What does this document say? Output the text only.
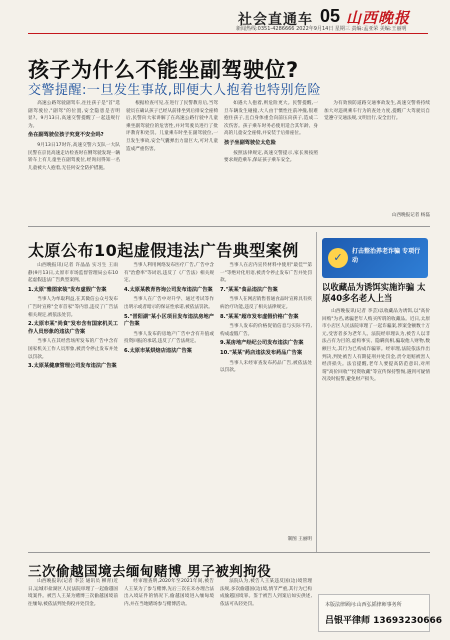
社会直通车 05 山西晚报
新闻热线:0351-4286666 2022年9月14日 星期三 责编:孟亚荣 美编:王丽明
孩子为什么不能坐副驾驶位?
交警提醒:一旦发生事故,即便大人抱着也特别危险

高速公路驾驶副驾车,往往孩子是"首"选副驾驶位,"副驾"的位置,安全隐患是否明显?。9月13日,高速交警提醒了一起违规行为。

坐在副驾驶位孩子究竟不安全吗?

9月13日17时许,高速交警六支队一大队民警在京昆高速走访检查时在侧驾驶发现一辆轿车上有儿童坐在副驾驶位,经询问得知一名儿童被大人抱着,无任何安全防护措施。

根据检查可见,在进行了民警教育后,当驾驶员在确认孩子已经从前排坐到后排安全座椅后,民警向大家讲解了在高速公路行驶中儿童乘坐副驾驶位的危害性,并对驾驶员进行了批评教育和处罚。儿童乘车时坐在副驾驶位,一旦发生事故,安全气囊弹出力量巨大,可对儿童造成严重伤害。

如遇大人抱着,则危险更大。民警提醒,一旦车辆发生碰撞,大人由于惯性往前冲撞,很难抱住孩子,且自身体重会向前压向孩子,造成二次伤害。孩子乘车时务必使用适合其年龄、身高的儿童安全座椅,并安装于后排座位。

孩子坐副驾驶位太危险

按照法律规定,高速交警提示,家长须按照要求规范乘车,保证孩子乘车安全。

为有效预防道路交通事故发生,高速交警将持续加大对违规乘车行为的查处力度,提醒广大驾驶员自觉遵守交通法规,文明出行,安全出行。

山西晚报记者 杨磊
太原公布10起虚假违法广告典型案例

山西晚报讯(记者 许晶晶 实习生 王雨静)9月13日,太原市市场监督管理局公布10起虚假违法广告典型案例。

1.太原"雅图家装"发布虚假广告案

当事人为牟取利益,在其微信公众号发布广告时宣称"全市首家"等内容,违反了广告法相关规定,被依法处罚。

2.太原市某"尚食"发布含有国家机关工作人员形象的违法广告案

当事人在其经营场所发布的广告中含有国家机关工作人员形象,被责令停止发布并处以罚款。

3.太原某健康管理公司发布违法广告案

当事人利用网络发布医疗广告,广告中含有"治愈率"等词语,违反了《广告法》相关规定。

4.太原某教育咨询公司发布违法广告案

当事人在广告中对升学、通过考试等作出明示或者暗示的保证性承诺,被依法罚款。

5."晋阳湖"某小区项目发布违法房地产广告案

当事人发布的房地产广告中含有升值或投资回报的承诺,违反了广告法规定。

6.太原市某烘焙店违法广告案

当事人在店内宣传材料中使用"最佳""第一"等绝对化用语,被责令停止发布广告并处罚款。

7."某某"食品违法广告案

当事人在网店销售普通食品时宣称具有疾病治疗功能,违反了相关法律规定。

8."某某"超市发布虚假价格广告案

当事人发布的价格促销信息与实际不符,构成虚假广告。

9.某房地产经纪公司发布违法广告案

10."某某"药店违法发布药品广告案

当事人未经审查发布药品广告,被依法处以罚款。

制图 王丽明
✓	打击整治养老诈骗 专项行动
以收藏品为诱饵实施诈骗 太原40多名老人上当

山西晚报讯(记者 李芸)以收藏品为诱饵,以"高价回购"为名,诱骗老年人购买所谓的收藏品。近日,太原市小店区人民法院审理了一起诈骗案,涉案金额数十万元,受害者多为老年人。法院经审理认为,被告人以非法占有为目的,虚构事实、隐瞒真相,骗取他人财物,数额巨大,其行为已构成诈骗罪。经审理,法院依法作出判决,判处被告人有期徒刑并处罚金,责令退赔被害人经济损失。法官提醒,老年人要提高防范意识,对所谓"高价回收""投资收藏"等宣传保持警惕,遇到可疑情况及时报警,避免财产损失。

三次偷越国境去缅甸赌博 男子被判拘役

山西晚报讯(记者 李芸 通讯员 柳青)近日,运城市盐湖区人民法院审理了一起偷越国境案件。被告人王某为赌博三次偷越国境前往缅甸,被依法判处拘役并处罚金。

经审理查明,2020年至2021年间,被告人王某为了参与赌博,先后三次在未办理合法出入境证件的情况下,偷越国境进入缅甸境内,并在当地赌场参与赌博活动。

法院认为,被告人王某违反国(边)境管理法规,多次偷越国(边)境,情节严重,其行为已构成偷越国境罪。鉴于被告人到案后如实供述,依法可从轻处罚。	本版法律顾问:山西弘韬律师事务所
吕银平律师 13693230666
